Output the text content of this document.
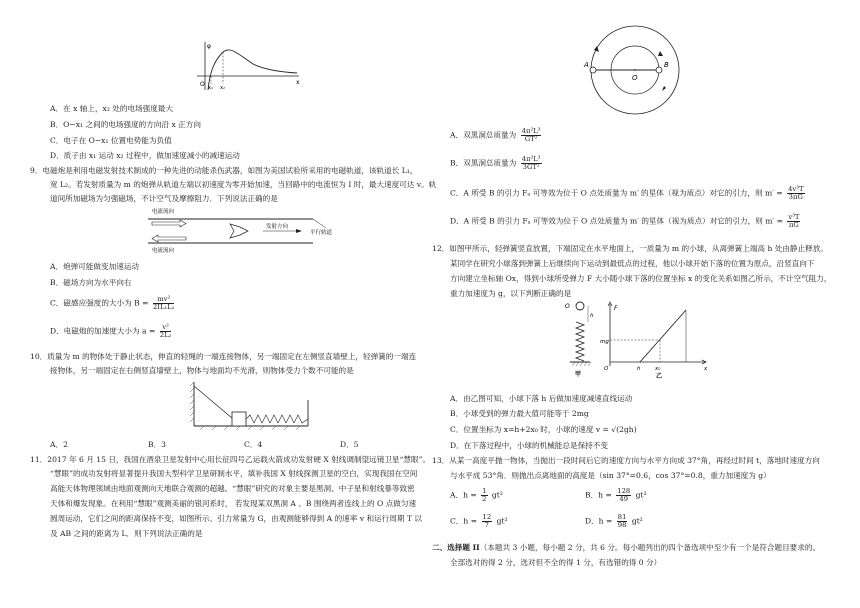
φ
x
O x₁ x₂
A．在 x 轴上，x₂ 处的电场强度最大
B．O−x₁ 之间的电场强度的方向沿 x 正方向
C．电子在 O−x₁ 位置电势能为负值
D．质子由 x₁ 运动 x₂ 过程中，做加速度减小的减速运动
9．电磁炮是利用电磁发射技术制成的一种先进的动能杀伤武器，如图为美国试验所采用的电磁轨道，该轨道长 L₁，
宽 L₂。若发射质量为 m 的炮弹从轨道左端以初速度为零开始加速，当回路中的电流恒为 I 时，最大速度可达 v。轨
道间所加磁场为匀强磁场，不计空气及摩擦阻力．下列说法正确的是
电流流向
发射方向
平行轨道
电流流向
A．炮弹可能做变加速运动
B．磁场方向为水平向右
C．磁感应强度的大小为 $B = \frac{\text{mv²}}{\text{2IL₁L₂}}$
D．电磁炮的加速度大小为 $a = \frac{\text{v²}}{\text{2L₂}}$
10．质量为 m 的物体处于静止状态，伸直的轻绳的一端连接物体，另一端固定在左侧竖直墙壁上，轻弹簧的一端连
接物体，另一端固定在右侧竖直墙壁上，物体与地面均不光滑，则物体受力个数不可能的是
A．2	B．3	C．4	D．5
11．2017 年 6 月 15 日，我国在酒泉卫星发射中心用长征四号乙运载火箭成功发射硬 X 射线调制望远镜卫星“慧眼”。
“慧眼”的成功发射将显著提升我国大型科学卫星研制水平，填补我国 X 射线探测卫星的空白，实现我国在空间
高能天体物理领域由地面观测向天地联合观测的超越。“慧眼”研究的对象主要是黑洞、中子星和射线暴等致密
天体和爆发现象。在利用“慧眼”观测美丽的银河系时， 若发现某双黑洞 A 、B 围绕两者连线上的 O 点做匀速
圆周运动，它们之间的距离保持不变，如图所示。引力常量为 G，由观测能够得到 A 的速率 v 和运行周期 T 以
及 AB 之间的距离为 L．则下列说法正确的是
A
O
B
A．双黑洞总质量为 $\frac{\text{4π²L³}}{\text{GT²}}$
B．双黑洞总质量为 $\frac{\text{4π²L³}}{\text{3GT²}}$
C．A 所受 B 的引力 Fₐ 可等效为位于 O 点处质量为 m′ 的星体（视为质点）对它的引力，则 $m' = \frac{\text{4v³T}}{3\pi G}$
D．A 所受 B 的引力 Fₐ 可等效为位于 O 点处质量为 m′ 的星体（视为质点）对它的引力，则 $m' = \frac{\text{v³T}}{\pi G}$
12．如图甲所示，轻弹簧竖直放置，下端固定在水平地面上，一质量为 m 的小球，从离弹簧上端高 h 处由静止释放。
某同学在研究小球落到弹簧上后继续向下运动到最低点的过程，他以小球开始下落的位置为原点，沿竖直向下
方向建立坐标轴 Ox，得到小球所受弹力 F 大小随小球下落的位置坐标 x 的变化关系如图乙所示，不计空气阻力，
重力加速度为 g，以下判断正确的是
O
h
甲
F
mg
O	h	x₀	x
乙
A．由乙图可知，小球下落 h 后做加速度减速直线运动
B．小球受到的弹力最大值可能等于 2mg
C．位置坐标为 x=h+2x₀ 时，小球的速度 v = √(2gh)
D．在下落过程中，小球的机械能总是保持不变
13．从某一高度平抛一物体，当抛出一段时间后它的速度方向与水平方向成 37°角，再经过时间 t，落地时速度方向
与水平成 53°角．则抛出点离地面的高度是（sin 37°=0.6，cos 37°=0.8，重力加速度为 g）
A．$h = \frac{1}{2} gt^2$	B．$h = \frac{128}{49} gt^2$
C．$h = \frac{12}{7} gt^2$	D．$h = \frac{81}{98} gt^2$
二、选择题 II（本题共 3 小题，每小题 2 分，共 6 分。每小题列出的四个备选项中至少有一个是符合题目要求的。
全部选对的得 2 分，选对但不全的得 1 分，有选错的得 0 分）
